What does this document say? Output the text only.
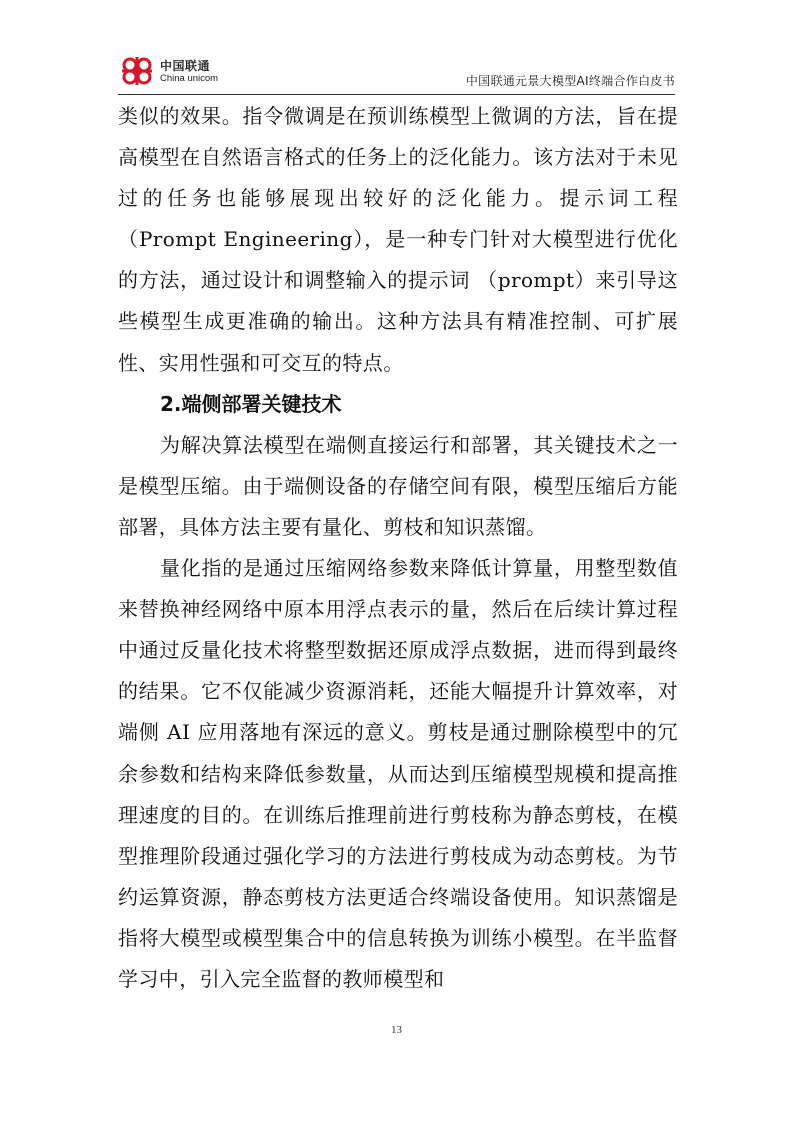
中国联通
China unicom	中国联通元景大模型AI终端合作白皮书

类似的效果。指令微调是在预训练模型上微调的方法，旨在提高模型在自然语言格式的任务上的泛化能力。该方法对于未见过的任务也能够展现出较好的泛化能力。提示词工程（Prompt Engineering），是一种专门针对大模型进行优化的方法，通过设计和调整输入的提示词 （prompt）来引导这些模型生成更准确的输出。这种方法具有精准控制、可扩展性、实用性强和可交互的特点。

2.端侧部署关键技术

为解决算法模型在端侧直接运行和部署，其关键技术之一是模型压缩。由于端侧设备的存储空间有限，模型压缩后方能部署，具体方法主要有量化、剪枝和知识蒸馏。

量化指的是通过压缩网络参数来降低计算量，用整型数值来替换神经网络中原本用浮点表示的量，然后在后续计算过程中通过反量化技术将整型数据还原成浮点数据，进而得到最终的结果。它不仅能减少资源消耗，还能大幅提升计算效率，对端侧 AI 应用落地有深远的意义。剪枝是通过删除模型中的冗余参数和结构来降低参数量，从而达到压缩模型规模和提高推理速度的目的。在训练后推理前进行剪枝称为静态剪枝，在模型推理阶段通过强化学习的方法进行剪枝成为动态剪枝。为节约运算资源，静态剪枝方法更适合终端设备使用。知识蒸馏是指将大模型或模型集合中的信息转换为训练小模型。在半监督学习中，引入完全监督的教师模型和

13
